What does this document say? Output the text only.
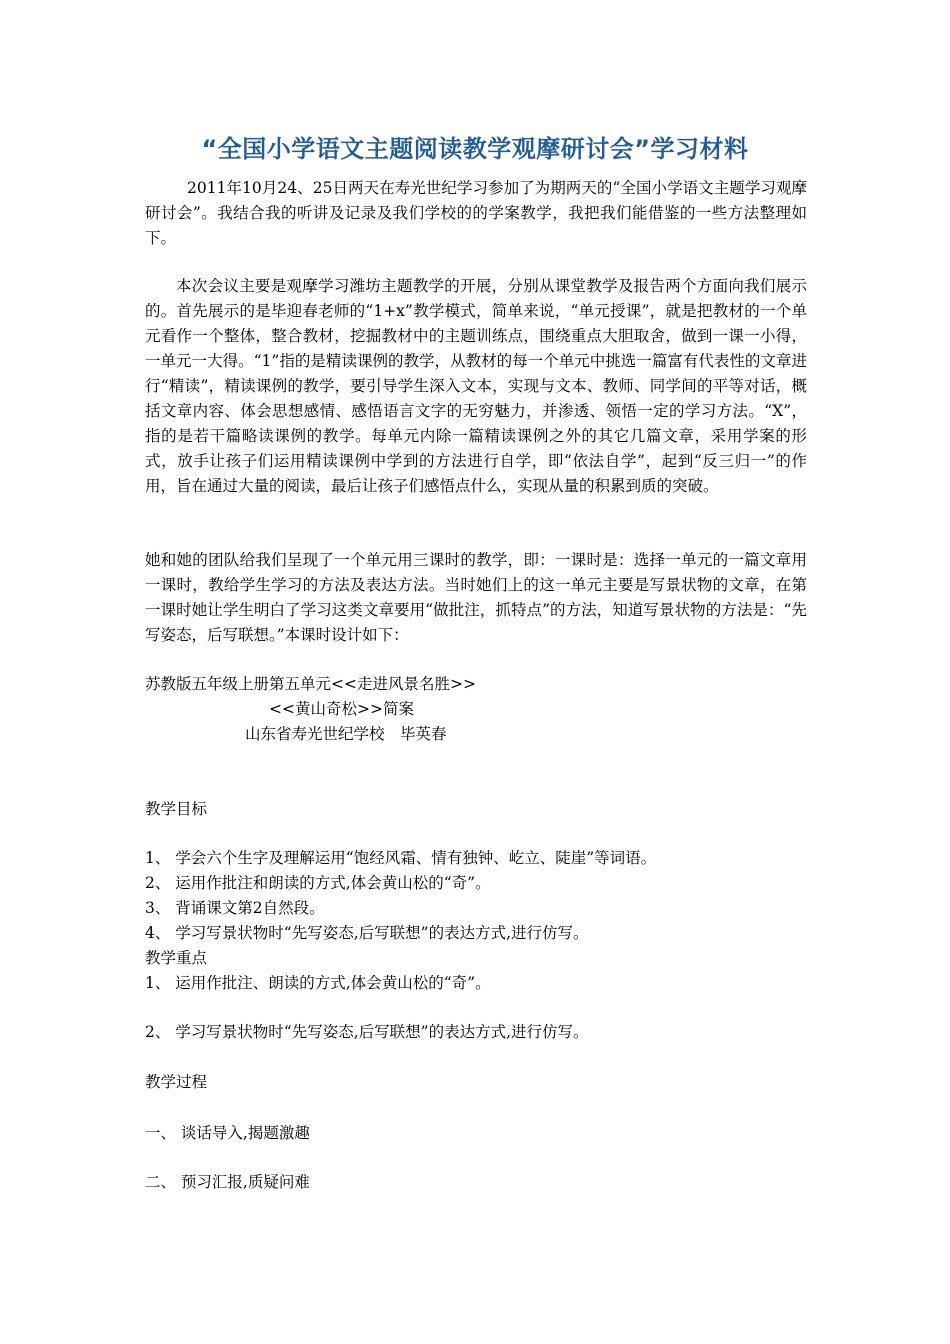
“全国小学语文主题阅读教学观摩研讨会”学习材料
2011年10月24、25日两天在寿光世纪学习参加了为期两天的“全国小学语文主题学习观摩研讨会”。我结合我的听讲及记录及我们学校的的学案教学，我把我们能借鉴的一些方法整理如下。
本次会议主要是观摩学习潍坊主题教学的开展，分别从课堂教学及报告两个方面向我们展示的。首先展示的是毕迎春老师的“1+x”教学模式，简单来说，“单元授课”，就是把教材的一个单元看作一个整体，整合教材，挖掘教材中的主题训练点，围绕重点大胆取舍，做到一课一小得，一单元一大得。“1”指的是精读课例的教学，从教材的每一个单元中挑选一篇富有代表性的文章进行“精读”，精读课例的教学，要引导学生深入文本，实现与文本、教师、同学间的平等对话，概括文章内容、体会思想感情、感悟语言文字的无穷魅力，并渗透、领悟一定的学习方法。“X”，指的是若干篇略读课例的教学。每单元内除一篇精读课例之外的其它几篇文章，采用学案的形式，放手让孩子们运用精读课例中学到的方法进行自学，即“依法自学”，起到“反三归一”的作用，旨在通过大量的阅读，最后让孩子们感悟点什么，实现从量的积累到质的突破。
她和她的团队给我们呈现了一个单元用三课时的教学，即：一课时是：选择一单元的一篇文章用一课时，教给学生学习的方法及表达方法。当时她们上的这一单元主要是写景状物的文章，在第一课时她让学生明白了学习这类文章要用“做批注，抓特点”的方法，知道写景状物的方法是：“先写姿态，后写联想。”本课时设计如下：
苏教版五年级上册第五单元<<走进风景名胜>>
<<黄山奇松>>简案
山东省寿光世纪学校　毕英春
教学目标
1、 学会六个生字及理解运用“饱经风霜、情有独钟、屹立、陡崖”等词语。
2、 运用作批注和朗读的方式,体会黄山松的“奇”。
3、 背诵课文第2自然段。
4、 学习写景状物时“先写姿态,后写联想”的表达方式,进行仿写。
教学重点
1、 运用作批注、朗读的方式,体会黄山松的“奇”。
2、 学习写景状物时“先写姿态,后写联想”的表达方式,进行仿写。
教学过程
一、 谈话导入,揭题激趣
二、 预习汇报,质疑问难
